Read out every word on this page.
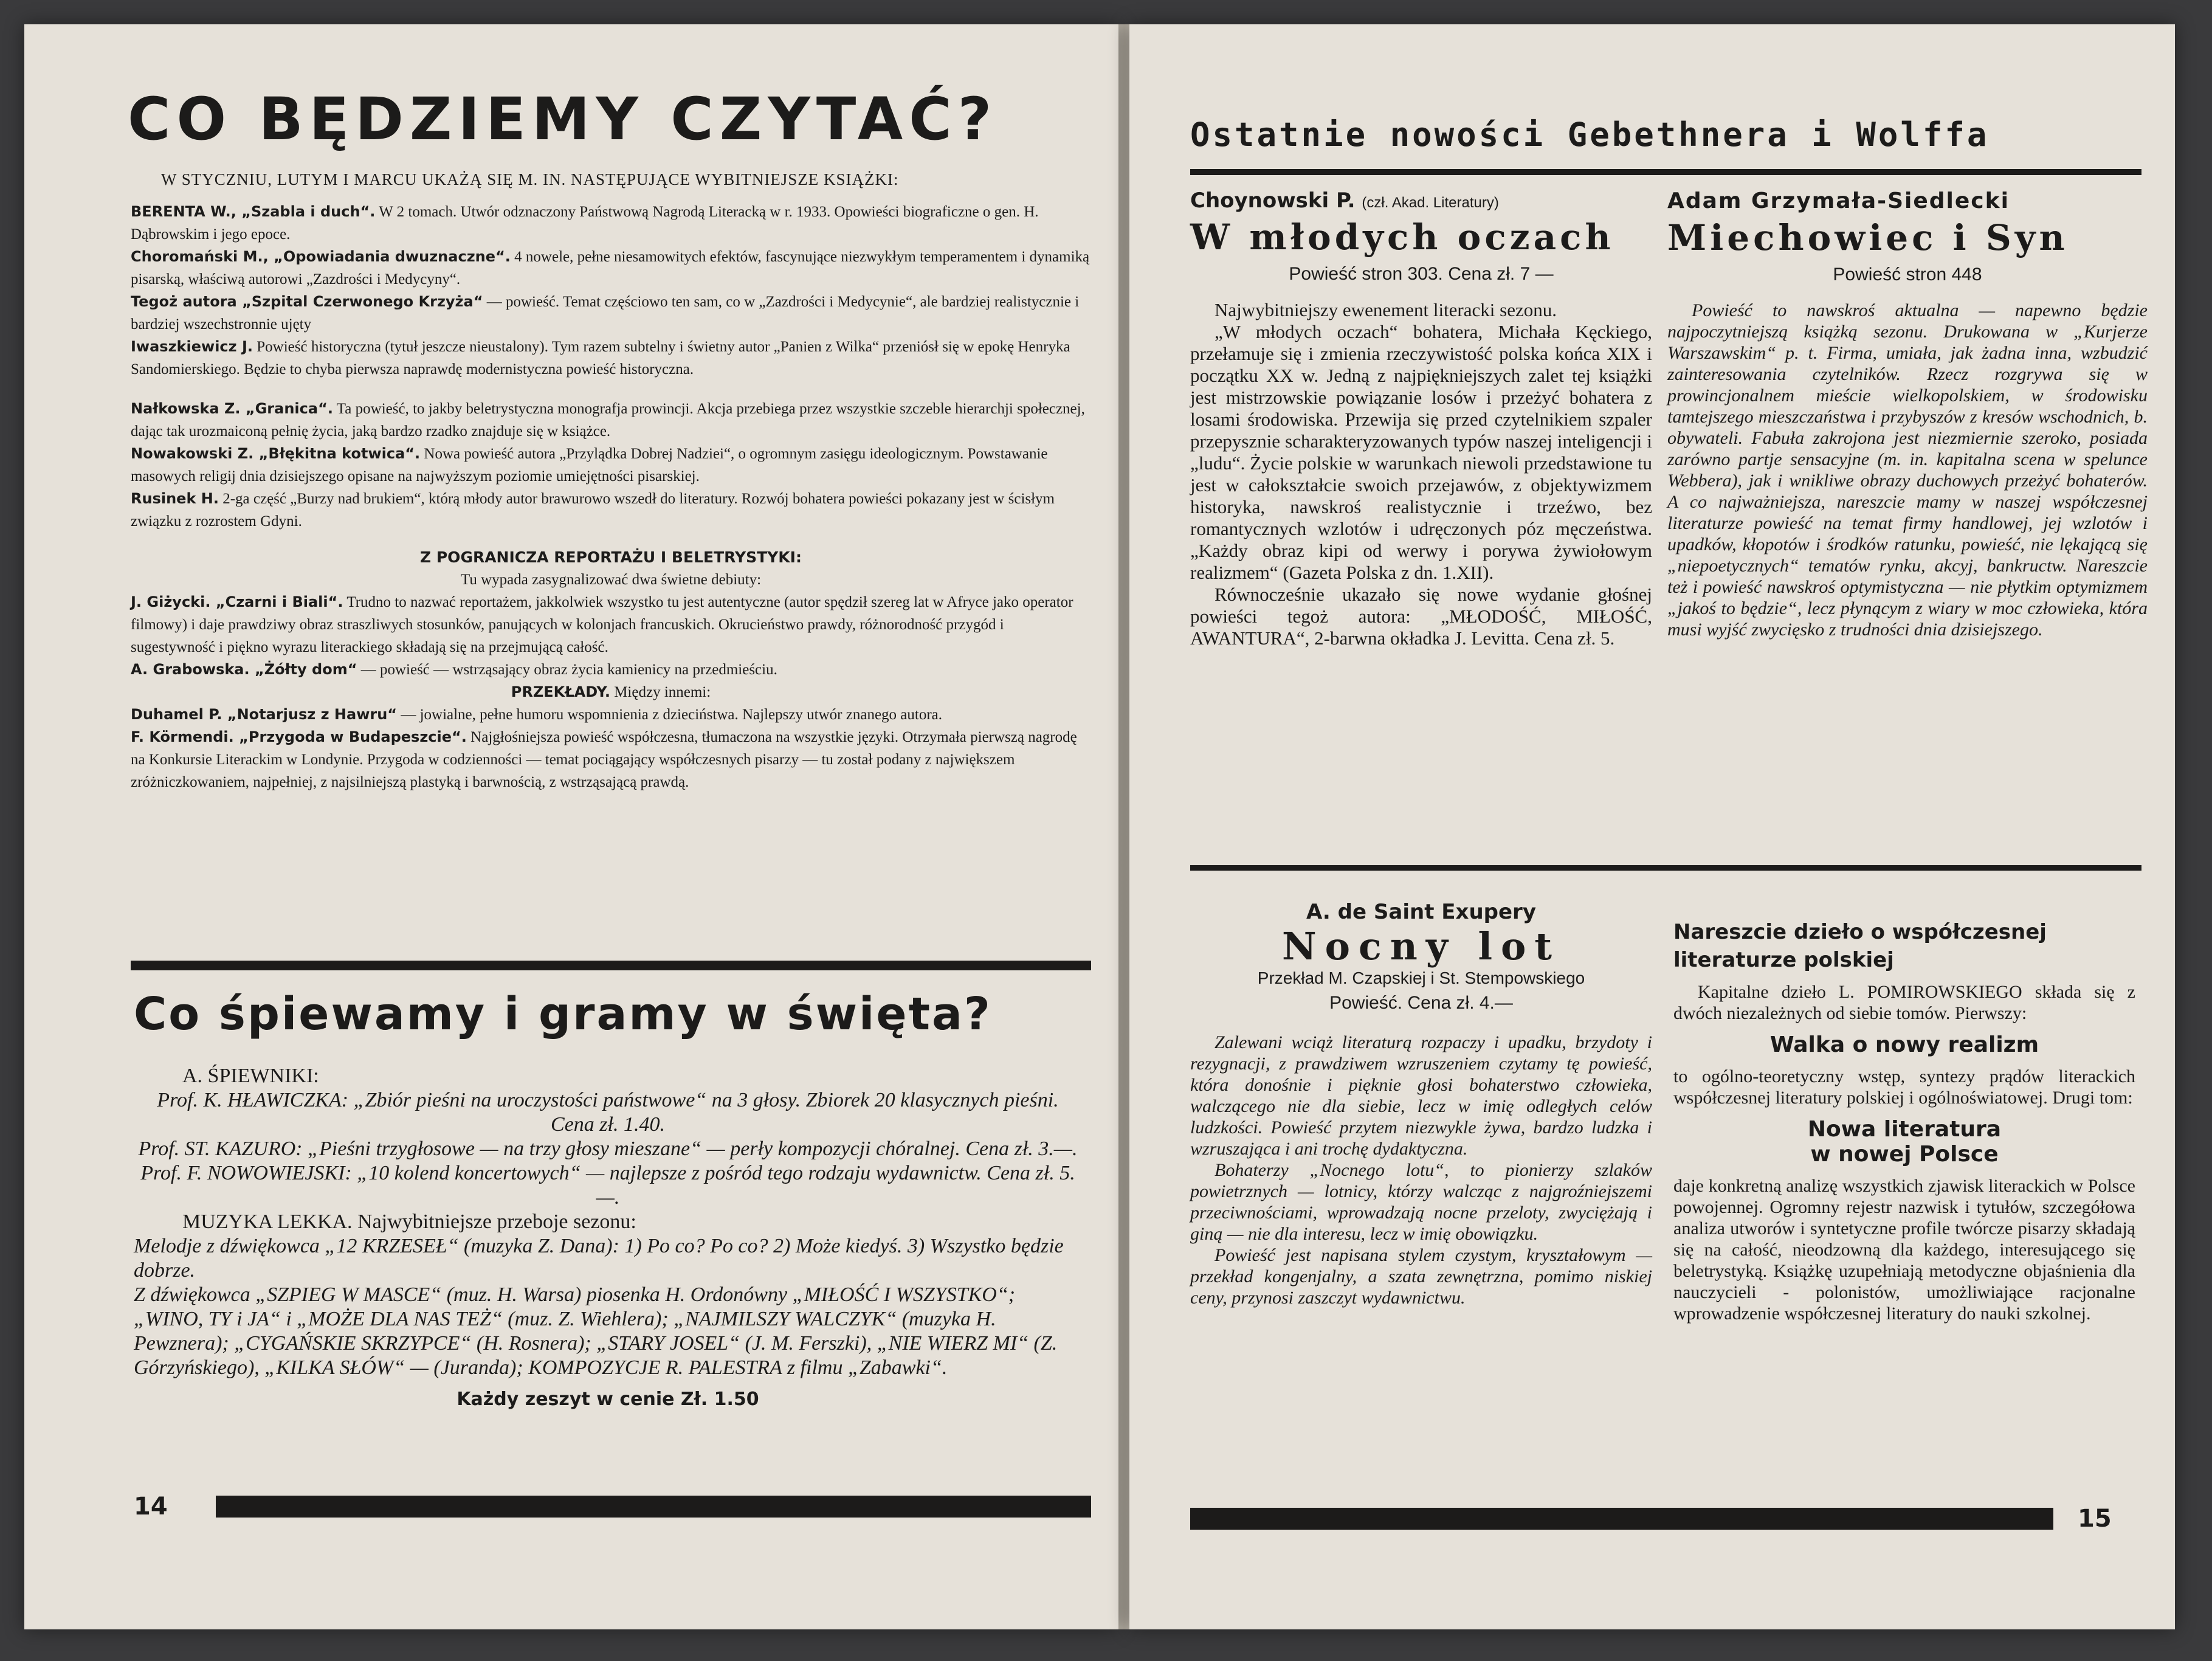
CO BĘDZIEMY CZYTAĆ?
W STYCZNIU, LUTYM I MARCU UKAŻĄ SIĘ M. IN. NASTĘPUJĄCE WYBITNIEJSZE KSIĄŻKI:
BERENTA W., „Szabla i duch“. W 2 tomach. Utwór odznaczony Państwową Nagrodą Literacką w r. 1933. Opowieści biograficzne o gen. H. Dąbrowskim i jego epoce.
Choromański M., „Opowiadania dwuznaczne“. 4 nowele, pełne niesamowitych efektów, fascynujące niezwykłym temperamentem i dynamiką pisarską, właściwą autorowi „Zazdrości i Medycyny“.
Tegoż autora „Szpital Czerwonego Krzyża“ — powieść. Temat częściowo ten sam, co w „Zazdrości i Medycynie“, ale bardziej realistycznie i bardziej wszechstronnie ujęty
Iwaszkiewicz J. Powieść historyczna (tytuł jeszcze nieustalony). Tym razem subtelny i świetny autor „Panien z Wilka“ przeniósł się w epokę Henryka Sandomierskiego. Będzie to chyba pierwsza naprawdę modernistyczna powieść historyczna.
Nałkowska Z. „Granica“. Ta powieść, to jakby beletrystyczna monografja prowincji. Akcja przebiega przez wszystkie szczeble hierarchji społecznej, dając tak urozmaiconą pełnię życia, jaką bardzo rzadko znajduje się w książce.
Nowakowski Z. „Błękitna kotwica“. Nowa powieść autora „Przylądka Dobrej Nadziei“, o ogromnym zasięgu ideologicznym. Powstawanie masowych religij dnia dzisiejszego opisane na najwyższym poziomie umiejętności pisarskiej.
Rusinek H. 2-ga część „Burzy nad brukiem“, którą młody autor brawurowo wszedł do literatury. Rozwój bohatera powieści pokazany jest w ścisłym związku z rozrostem Gdyni.
Z POGRANICZA REPORTAŻU I BELETRYSTYKI:
Tu wypada zasygnalizować dwa świetne debiuty:
J. Giżycki. „Czarni i Biali“. Trudno to nazwać reportażem, jakkolwiek wszystko tu jest autentyczne (autor spędził szereg lat w Afryce jako operator filmowy) i daje prawdziwy obraz straszliwych stosunków, panujących w kolonjach francuskich. Okrucieństwo prawdy, różnorodność przygód i sugestywność i piękno wyrazu literackiego składają się na przejmującą całość.
A. Grabowska. „Żółty dom“ — powieść — wstrząsający obraz życia kamienicy na przedmieściu.
PRZEKŁADY. Między innemi:
Duhamel P. „Notarjusz z Hawru“ — jowialne, pełne humoru wspomnienia z dzieciństwa. Najlepszy utwór znanego autora.
F. Körmendi. „Przygoda w Budapeszcie“. Najgłośniejsza powieść współczesna, tłumaczona na wszystkie języki. Otrzymała pierwszą nagrodę na Konkursie Literackim w Londynie. Przygoda w codzienności — temat pociągający współczesnych pisarzy — tu został podany z największem zróżniczkowaniem, najpełniej, z najsilniejszą plastyką i barwnością, z wstrząsającą prawdą.
Co śpiewamy i gramy w święta?
A. ŚPIEWNIKI:
Prof. K. HŁAWICZKA: „Zbiór pieśni na uroczystości państwowe“ na 3 głosy. Zbiorek 20 klasycznych pieśni. Cena zł. 1.40.
Prof. ST. KAZURO: „Pieśni trzygłosowe — na trzy głosy mieszane“ — perły kompozycji chóralnej. Cena zł. 3.—.
Prof. F. NOWOWIEJSKI: „10 kolend koncertowych“ — najlepsze z pośród tego rodzaju wydawnictw. Cena zł. 5.—.
MUZYKA LEKKA. Najwybitniejsze przeboje sezonu:
Melodje z dźwiękowca „12 KRZESEŁ“ (muzyka Z. Dana): 1) Po co? Po co? 2) Może kiedyś. 3) Wszystko będzie dobrze.
Z dźwiękowca „SZPIEG W MASCE“ (muz. H. Warsa) piosenka H. Ordonówny „MIŁOŚĆ I WSZYSTKO“; „WINO, TY i JA“ i „MOŻE DLA NAS TEŻ“ (muz. Z. Wiehlera); „NAJMILSZY WALCZYK“ (muzyka H. Pewznera); „CYGAŃSKIE SKRZYPCE“ (H. Rosnera); „STARY JOSEL“ (J. M. Ferszki), „NIE WIERZ MI“ (Z. Górzyńskiego), „KILKA SŁÓW“ — (Juranda); KOMPOZYCJE R. PALESTRA z filmu „Zabawki“.
Każdy zeszyt w cenie Zł. 1.50
14
Ostatnie nowości Gebethnera i Wolffa
Choynowski P. (czł. Akad. Literatury)
W młodych oczach
Powieść stron 303. Cena zł. 7 —
Najwybitniejszy ewenement literacki sezonu.
„W młodych oczach“ bohatera, Michała Kęckiego, przełamuje się i zmienia rzeczywistość polska końca XIX i początku XX w. Jedną z najpiękniejszych zalet tej książki jest mistrzowskie powiązanie losów i przeżyć bohatera z losami środowiska. Przewija się przed czytelnikiem szpaler przepysznie scharakteryzowanych typów naszej inteligencji i „ludu“. Życie polskie w warunkach niewoli przedstawione tu jest w całokształcie swoich przejawów, z objektywizmem historyka, nawskroś realistycznie i trzeźwo, bez romantycznych wzlotów i udręczonych póz męczeństwa. „Każdy obraz kipi od werwy i porywa żywiołowym realizmem“ (Gazeta Polska z dn. 1.XII).
Równocześnie ukazało się nowe wydanie głośnej powieści tegoż autora: „MŁODOŚĆ, MIŁOŚĆ, AWANTURA“, 2-barwna okładka J. Levitta. Cena zł. 5.
Adam Grzymała-Siedlecki
Miechowiec i Syn
Powieść stron 448
Powieść to nawskroś aktualna — napewno będzie najpoczytniejszą książką sezonu. Drukowana w „Kurjerze Warszawskim“ p. t. Firma, umiała, jak żadna inna, wzbudzić zainteresowania czytelników. Rzecz rozgrywa się w prowincjonalnem mieście wielkopolskiem, w środowisku tamtejszego mieszczaństwa i przybyszów z kresów wschodnich, b. obywateli. Fabuła zakrojona jest niezmiernie szeroko, posiada zarówno partje sensacyjne (m. in. kapitalna scena w spelunce Webbera), jak i wnikliwe obrazy duchowych przeżyć bohaterów. A co najważniejsza, nareszcie mamy w naszej współczesnej literaturze powieść na temat firmy handlowej, jej wzlotów i upadków, kłopotów i środków ratunku, powieść, nie lękającą się „niepoetycznych“ tematów rynku, akcyj, bankructw. Nareszcie też i powieść nawskroś optymistyczna — nie płytkim optymizmem „jakoś to będzie“, lecz płynącym z wiary w moc człowieka, która musi wyjść zwycięsko z trudności dnia dzisiejszego.
A. de Saint Exupery
Nocny lot
Przekład M. Czapskiej i St. Stempowskiego
Powieść. Cena zł. 4.—
Zalewani wciąż literaturą rozpaczy i upadku, brzydoty i rezygnacji, z prawdziwem wzruszeniem czytamy tę powieść, która donośnie i pięknie głosi bohaterstwo człowieka, walczącego nie dla siebie, lecz w imię odległych celów ludzkości. Powieść przytem niezwykle żywa, bardzo ludzka i wzruszająca i ani trochę dydaktyczna.
Bohaterzy „Nocnego lotu“, to pionierzy szlaków powietrznych — lotnicy, którzy walcząc z najgroźniejszemi przeciwnościami, wprowadzają nocne przeloty, zwyciężają i giną — nie dla interesu, lecz w imię obowiązku.
Powieść jest napisana stylem czystym, kryształowym — przekład kongenjalny, a szata zewnętrzna, pomimo niskiej ceny, przynosi zaszczyt wydawnictwu.
Nareszcie dzieło o współczesnej literaturze polskiej
Kapitalne dzieło L. POMIROWSKIEGO składa się z dwóch niezależnych od siebie tomów. Pierwszy:
Walka o nowy realizm
to ogólno-teoretyczny wstęp, syntezy prądów literackich współczesnej literatury polskiej i ogólnoświatowej. Drugi tom:
Nowa literatura
w nowej Polsce
daje konkretną analizę wszystkich zjawisk literackich w Polsce powojennej. Ogromny rejestr nazwisk i tytułów, szczegółowa analiza utworów i syntetyczne profile twórcze pisarzy składają się na całość, nieodzowną dla każdego, interesującego się beletrystyką. Książkę uzupełniają metodyczne objaśnienia dla nauczycieli - polonistów, umożliwiające racjonalne wprowadzenie współczesnej literatury do nauki szkolnej.
15
